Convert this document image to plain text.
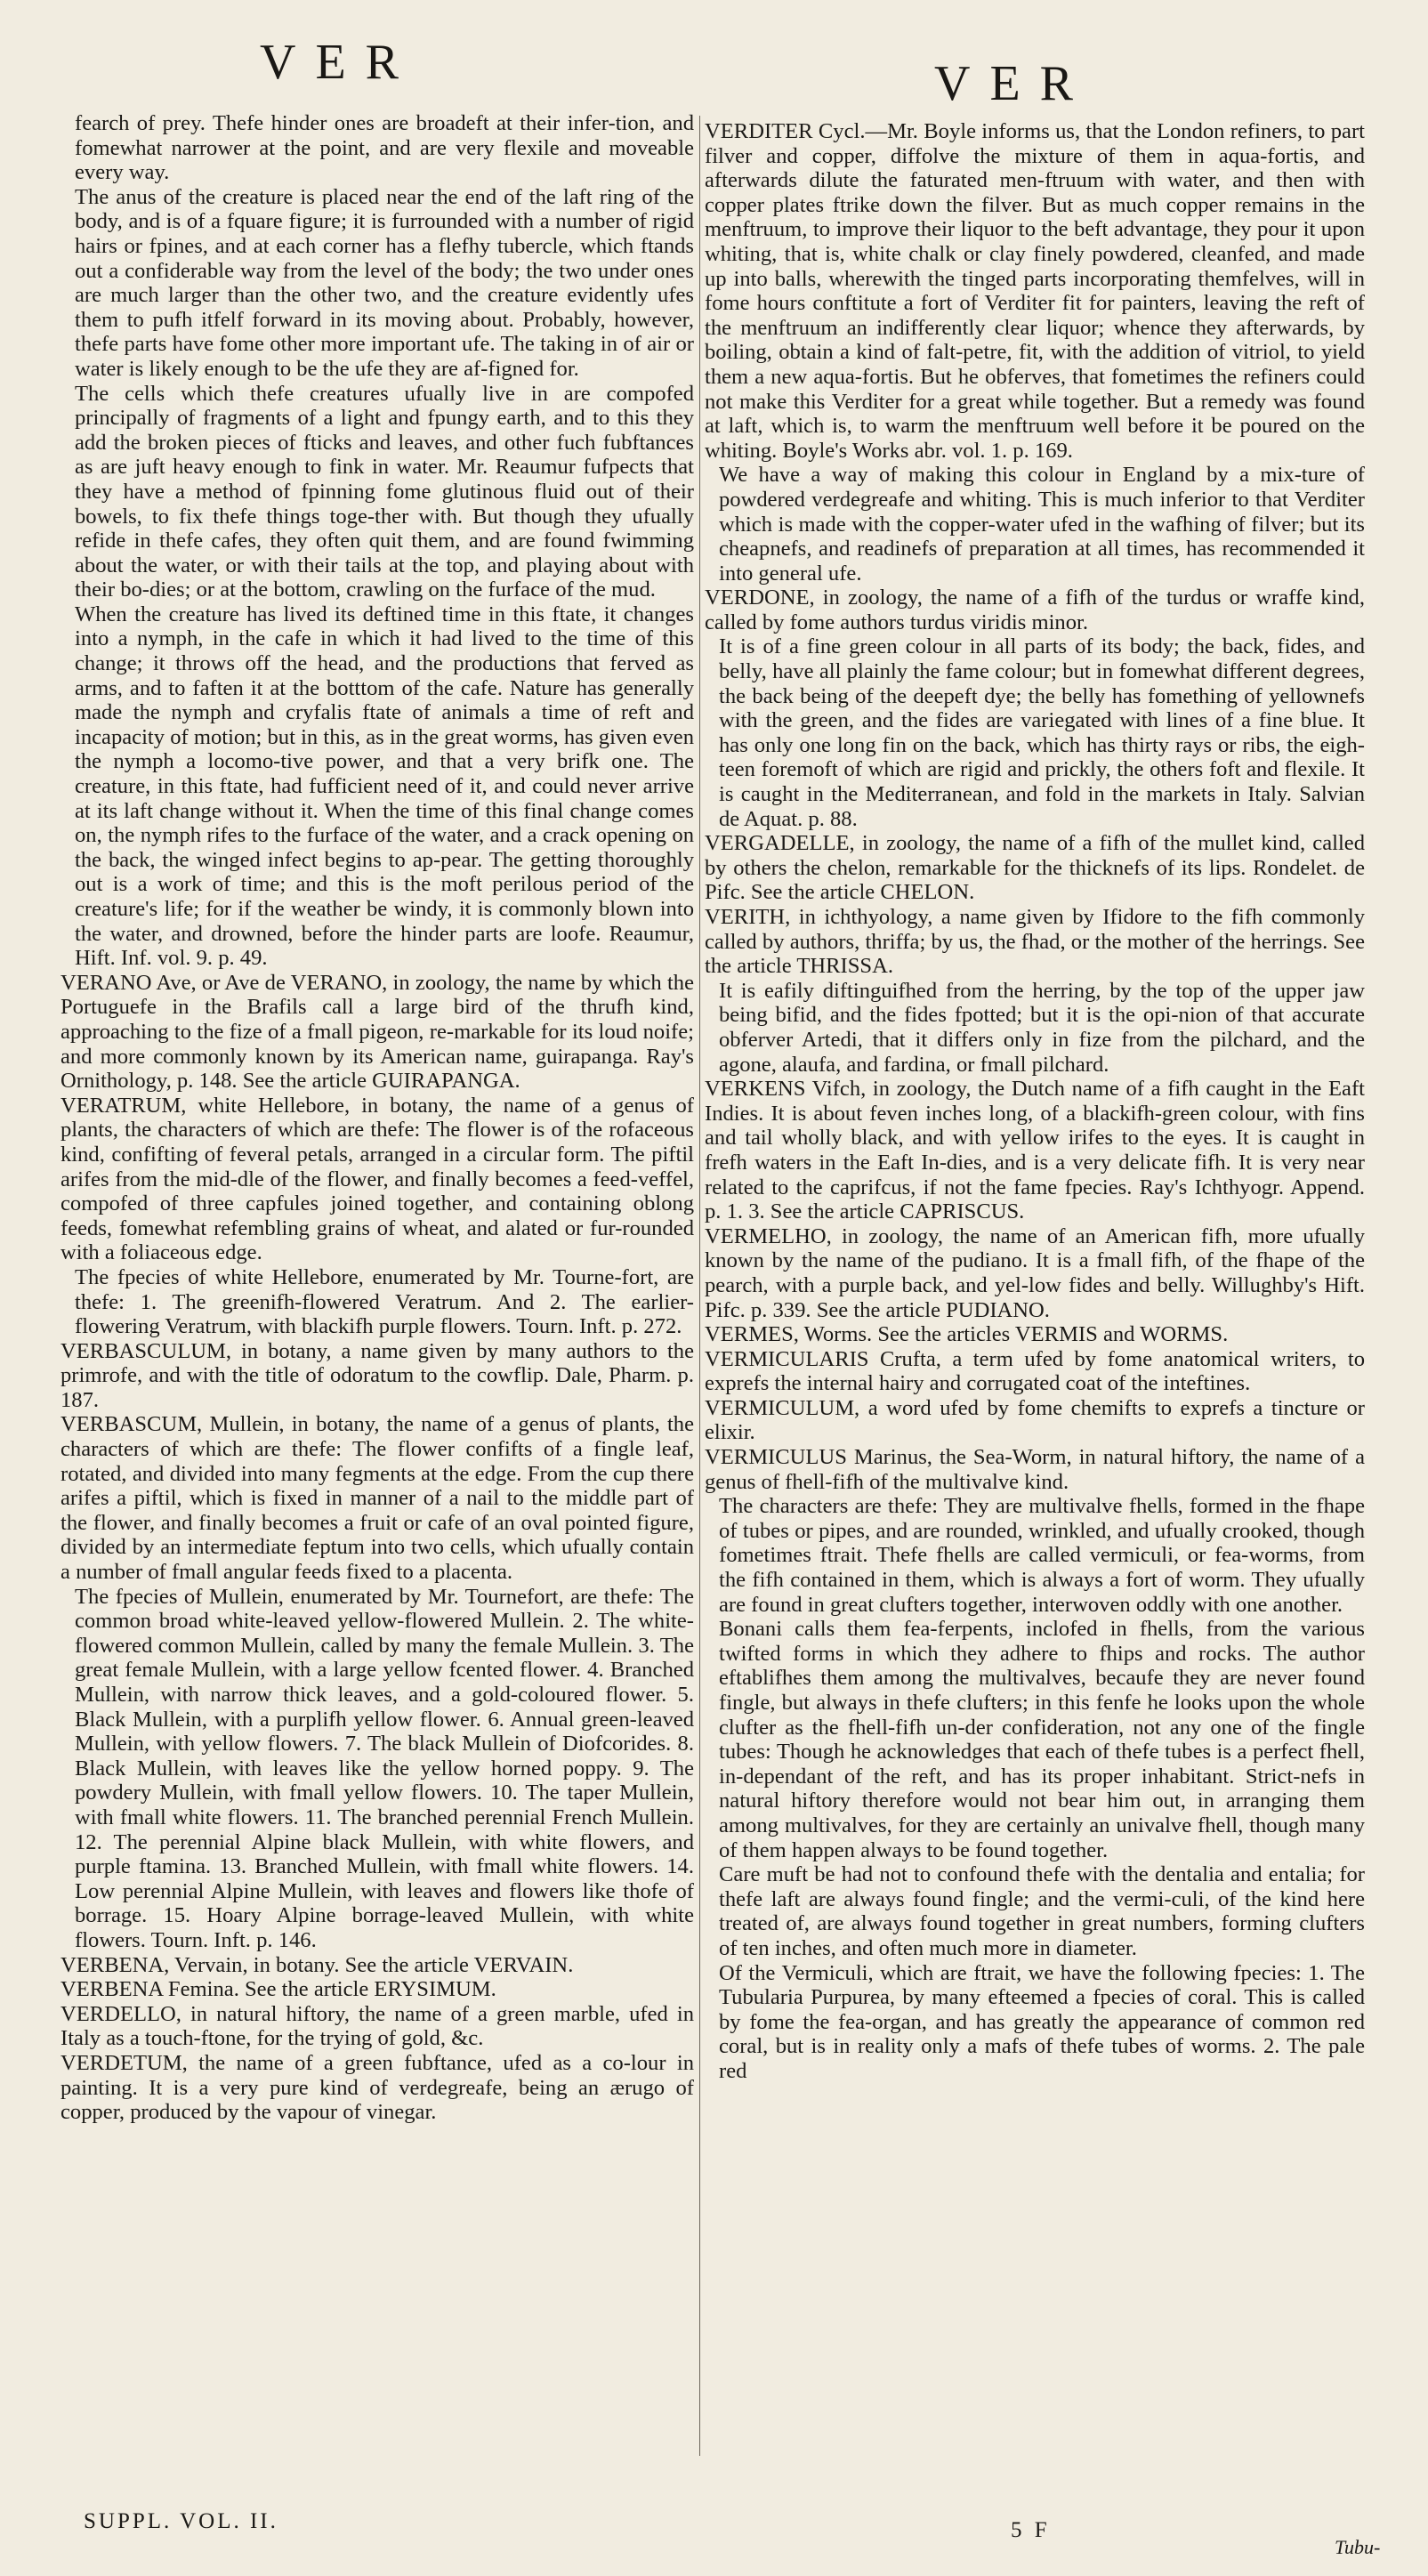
VER	VER

fearch of prey. Thefe hinder ones are broadeft at their infer-tion, and fomewhat narrower at the point, and are very flexile and moveable every way.

The anus of the creature is placed near the end of the laft ring of the body, and is of a fquare figure; it is furrounded with a number of rigid hairs or fpines, and at each corner has a flefhy tubercle, which ftands out a confiderable way from the level of the body; the two under ones are much larger than the other two, and the creature evidently ufes them to pufh itfelf forward in its moving about. Probably, however, thefe parts have fome other more important ufe. The taking in of air or water is likely enough to be the ufe they are af-figned for.

The cells which thefe creatures ufually live in are compofed principally of fragments of a light and fpungy earth, and to this they add the broken pieces of fticks and leaves, and other fuch fubftances as are juft heavy enough to fink in water. Mr. Reaumur fufpects that they have a method of fpinning fome glutinous fluid out of their bowels, to fix thefe things toge-ther with. But though they ufually refide in thefe cafes, they often quit them, and are found fwimming about the water, or with their tails at the top, and playing about with their bo-dies; or at the bottom, crawling on the furface of the mud.

When the creature has lived its deftined time in this ftate, it changes into a nymph, in the cafe in which it had lived to the time of this change; it throws off the head, and the productions that ferved as arms, and to faften it at the botttom of the cafe. Nature has generally made the nymph and cryfalis ftate of animals a time of reft and incapacity of motion; but in this, as in the great worms, has given even the nymph a locomo-tive power, and that a very brifk one. The creature, in this ftate, had fufficient need of it, and could never arrive at its laft change without it. When the time of this final change comes on, the nymph rifes to the furface of the water, and a crack opening on the back, the winged infect begins to ap-pear. The getting thoroughly out is a work of time; and this is the moft perilous period of the creature's life; for if the weather be windy, it is commonly blown into the water, and drowned, before the hinder parts are loofe. Reaumur, Hift. Inf. vol. 9. p. 49.

VERANO Ave, or Ave de VERANO, in zoology, the name by which the Portuguefe in the Brafils call a large bird of the thrufh kind, approaching to the fize of a fmall pigeon, re-markable for its loud noife; and more commonly known by its American name, guirapanga. Ray's Ornithology, p. 148. See the article GUIRAPANGA.

VERATRUM, white Hellebore, in botany, the name of a genus of plants, the characters of which are thefe: The flower is of the rofaceous kind, confifting of feveral petals, arranged in a circular form. The piftil arifes from the mid-dle of the flower, and finally becomes a feed-veffel, compofed of three capfules joined together, and containing oblong feeds, fomewhat refembling grains of wheat, and alated or fur-rounded with a foliaceous edge.

The fpecies of white Hellebore, enumerated by Mr. Tourne-fort, are thefe: 1. The greenifh-flowered Veratrum. And 2. The earlier-flowering Veratrum, with blackifh purple flowers. Tourn. Inft. p. 272.

VERBASCULUM, in botany, a name given by many authors to the primrofe, and with the title of odoratum to the cowflip. Dale, Pharm. p. 187.

VERBASCUM, Mullein, in botany, the name of a genus of plants, the characters of which are thefe: The flower confifts of a fingle leaf, rotated, and divided into many fegments at the edge. From the cup there arifes a piftil, which is fixed in manner of a nail to the middle part of the flower, and finally becomes a fruit or cafe of an oval pointed figure, divided by an intermediate feptum into two cells, which ufually contain a number of fmall angular feeds fixed to a placenta.

The fpecies of Mullein, enumerated by Mr. Tournefort, are thefe: The common broad white-leaved yellow-flowered Mullein. 2. The white-flowered common Mullein, called by many the female Mullein. 3. The great female Mullein, with a large yellow fcented flower. 4. Branched Mullein, with narrow thick leaves, and a gold-coloured flower. 5. Black Mullein, with a purplifh yellow flower. 6. Annual green-leaved Mullein, with yellow flowers. 7. The black Mullein of Diofcorides. 8. Black Mullein, with leaves like the yellow horned poppy. 9. The powdery Mullein, with fmall yellow flowers. 10. The taper Mullein, with fmall white flowers. 11. The branched perennial French Mullein. 12. The perennial Alpine black Mullein, with white flowers, and purple ftamina. 13. Branched Mullein, with fmall white flowers. 14. Low perennial Alpine Mullein, with leaves and flowers like thofe of borrage. 15. Hoary Alpine borrage-leaved Mullein, with white flowers. Tourn. Inft. p. 146.

VERBENA, Vervain, in botany. See the article VERVAIN.

VERBENA Femina. See the article ERYSIMUM.

VERDELLO, in natural hiftory, the name of a green marble, ufed in Italy as a touch-ftone, for the trying of gold, &c.

VERDETUM, the name of a green fubftance, ufed as a co-lour in painting. It is a very pure kind of verdegreafe, being an ærugo of copper, produced by the vapour of vinegar.

VERDITER Cycl.—Mr. Boyle informs us, that the London refiners, to part filver and copper, diffolve the mixture of them in aqua-fortis, and afterwards dilute the faturated men-ftruum with water, and then with copper plates ftrike down the filver. But as much copper remains in the menftruum, to improve their liquor to the beft advantage, they pour it upon whiting, that is, white chalk or clay finely powdered, cleanfed, and made up into balls, wherewith the tinged parts incorporating themfelves, will in fome hours conftitute a fort of Verditer fit for painters, leaving the reft of the menftruum an indifferently clear liquor; whence they afterwards, by boiling, obtain a kind of falt-petre, fit, with the addition of vitriol, to yield them a new aqua-fortis. But he obferves, that fometimes the refiners could not make this Verditer for a great while together. But a remedy was found at laft, which is, to warm the menftruum well before it be poured on the whiting. Boyle's Works abr. vol. 1. p. 169.

We have a way of making this colour in England by a mix-ture of powdered verdegreafe and whiting. This is much inferior to that Verditer which is made with the copper-water ufed in the wafhing of filver; but its cheapnefs, and readinefs of preparation at all times, has recommended it into general ufe.

VERDONE, in zoology, the name of a fifh of the turdus or wraffe kind, called by fome authors turdus viridis minor.

It is of a fine green colour in all parts of its body; the back, fides, and belly, have all plainly the fame colour; but in fomewhat different degrees, the back being of the deepeft dye; the belly has fomething of yellownefs with the green, and the fides are variegated with lines of a fine blue. It has only one long fin on the back, which has thirty rays or ribs, the eigh-teen foremoft of which are rigid and prickly, the others foft and flexile. It is caught in the Mediterranean, and fold in the markets in Italy. Salvian de Aquat. p. 88.

VERGADELLE, in zoology, the name of a fifh of the mullet kind, called by others the chelon, remarkable for the thicknefs of its lips. Rondelet. de Pifc. See the article CHELON.

VERITH, in ichthyology, a name given by Ifidore to the fifh commonly called by authors, thriffa; by us, the fhad, or the mother of the herrings. See the article THRISSA.

It is eafily diftinguifhed from the herring, by the top of the upper jaw being bifid, and the fides fpotted; but it is the opi-nion of that accurate obferver Artedi, that it differs only in fize from the pilchard, and the agone, alaufa, and fardina, or fmall pilchard.

VERKENS Vifch, in zoology, the Dutch name of a fifh caught in the Eaft Indies. It is about feven inches long, of a blackifh-green colour, with fins and tail wholly black, and with yellow irifes to the eyes. It is caught in frefh waters in the Eaft In-dies, and is a very delicate fifh. It is very near related to the caprifcus, if not the fame fpecies. Ray's Ichthyogr. Append. p. 1. 3. See the article CAPRISCUS.

VERMELHO, in zoology, the name of an American fifh, more ufually known by the name of the pudiano. It is a fmall fifh, of the fhape of the pearch, with a purple back, and yel-low fides and belly. Willughby's Hift. Pifc. p. 339. See the article PUDIANO.

VERMES, Worms. See the articles VERMIS and WORMS.

VERMICULARIS Crufta, a term ufed by fome anatomical writers, to exprefs the internal hairy and corrugated coat of the inteftines.

VERMICULUM, a word ufed by fome chemifts to exprefs a tincture or elixir.

VERMICULUS Marinus, the Sea-Worm, in natural hiftory, the name of a genus of fhell-fifh of the multivalve kind.

The characters are thefe: They are multivalve fhells, formed in the fhape of tubes or pipes, and are rounded, wrinkled, and ufually crooked, though fometimes ftrait. Thefe fhells are called vermiculi, or fea-worms, from the fifh contained in them, which is always a fort of worm. They ufually are found in great clufters together, interwoven oddly with one another.

Bonani calls them fea-ferpents, inclofed in fhells, from the various twifted forms in which they adhere to fhips and rocks. The author eftablifhes them among the multivalves, becaufe they are never found fingle, but always in thefe clufters; in this fenfe he looks upon the whole clufter as the fhell-fifh un-der confideration, not any one of the fingle tubes: Though he acknowledges that each of thefe tubes is a perfect fhell, in-dependant of the reft, and has its proper inhabitant. Strict-nefs in natural hiftory therefore would not bear him out, in arranging them among multivalves, for they are certainly an univalve fhell, though many of them happen always to be found together.

Care muft be had not to confound thefe with the dentalia and entalia; for thefe laft are always found fingle; and the vermi-culi, of the kind here treated of, are always found together in great numbers, forming clufters of ten inches, and often much more in diameter.

Of the Vermiculi, which are ftrait, we have the following fpecies: 1. The Tubularia Purpurea, by many efteemed a fpecies of coral. This is called by fome the fea-organ, and has greatly the appearance of common red coral, but is in reality only a mafs of thefe tubes of worms. 2. The pale red

SUPPL. VOL. II.	5 F
Tubu-
